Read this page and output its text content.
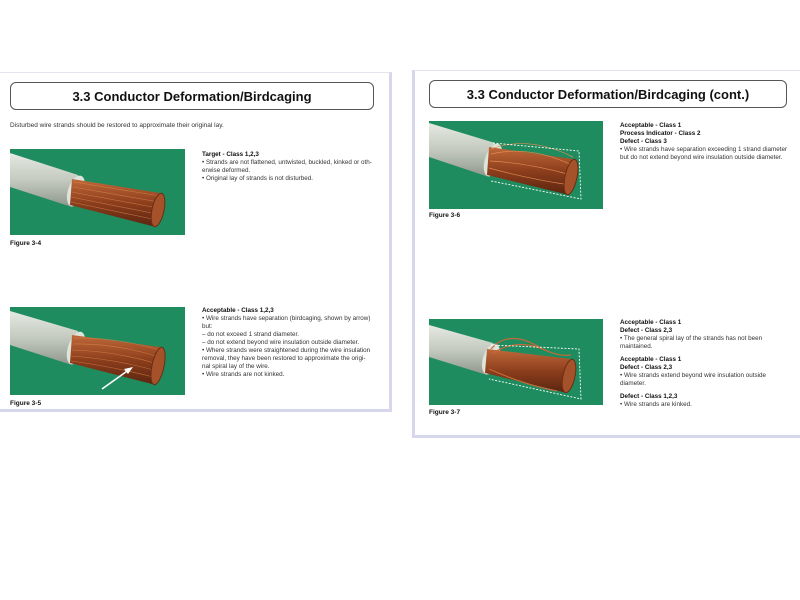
3.3 Conductor Deformation/Birdcaging
Disturbed wire strands should be restored to approximate their original lay.
Figure 3-4
Target - Class 1,2,3
• Strands are not flattened, untwisted, buckled, kinked or oth-
erwise deformed.
• Original lay of strands is not disturbed.
Figure 3-5
Acceptable - Class 1,2,3
• Wire strands have separation (birdcaging, shown by arrow)
but:
– do not exceed 1 strand diameter.
– do not extend beyond wire insulation outside diameter.
• Where strands were straightened during the wire insulation
removal, they have been restored to approximate the origi-
nal spiral lay of the wire.
• Wire strands are not kinked.
3.3 Conductor Deformation/Birdcaging (cont.)
Figure 3-6
Acceptable - Class 1
Process Indicator - Class 2
Defect - Class 3
• Wire strands have separation exceeding 1 strand diameter
but do not extend beyond wire insulation outside diameter.
Figure 3-7
Acceptable - Class 1
Defect - Class 2,3
• The general spiral lay of the strands has not been
maintained.
Acceptable - Class 1
Defect - Class 2,3
• Wire strands extend beyond wire insulation outside
diameter.
Defect - Class 1,2,3
• Wire strands are kinked.
